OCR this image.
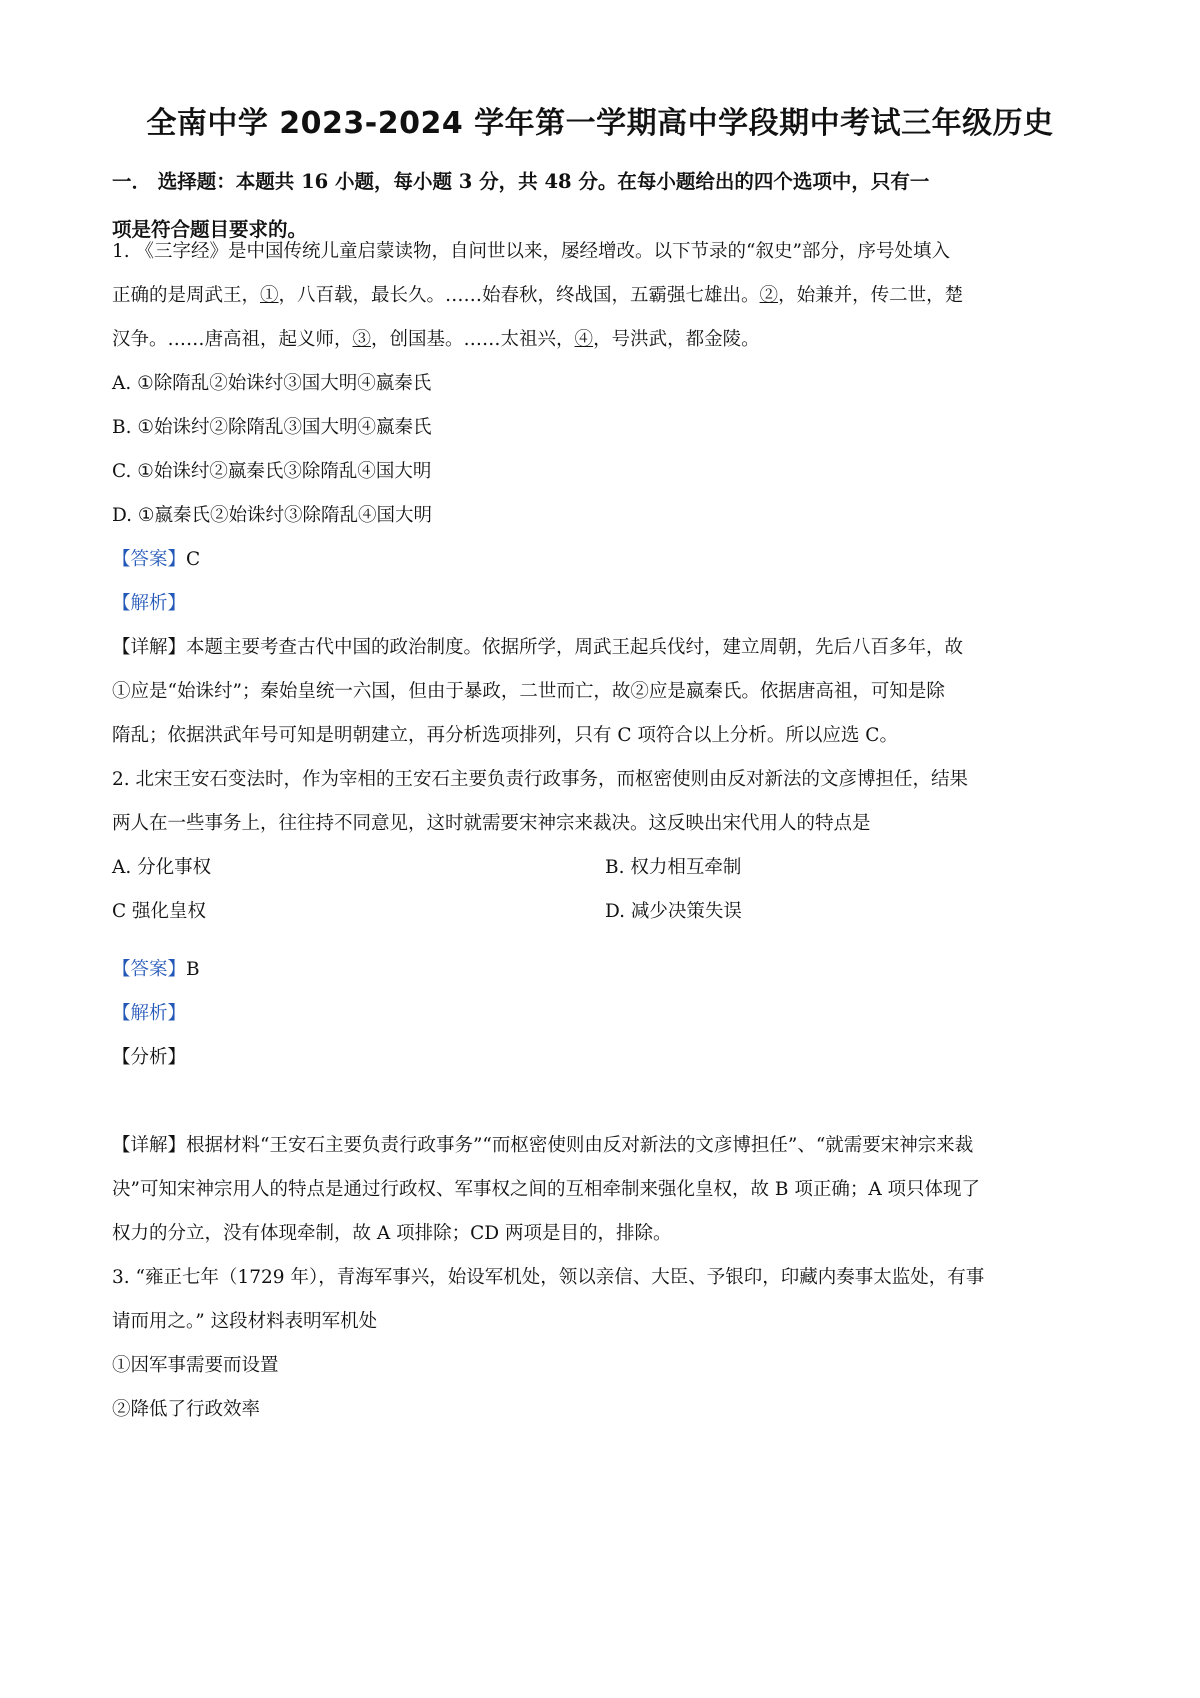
全南中学 2023-2024 学年第一学期高中学段期中考试三年级历史
一． 选择题：本题共 16 小题，每小题 3 分，共 48 分。在每小题给出的四个选项中，只有一
项是符合题目要求的。
1. 《三字经》是中国传统儿童启蒙读物，自问世以来，屡经增改。以下节录的“叙史”部分，序号处填入
正确的是周武王，①，八百载，最长久。……始春秋，终战国，五霸强七雄出。②，始兼并，传二世，楚
汉争。……唐高祖，起义师，③，创国基。……太祖兴，④，号洪武，都金陵。
A. ①除隋乱②始诛纣③国大明④嬴秦氏
B. ①始诛纣②除隋乱③国大明④嬴秦氏
C. ①始诛纣②嬴秦氏③除隋乱④国大明
D. ①嬴秦氏②始诛纣③除隋乱④国大明
【答案】C
【解析】
【详解】本题主要考查古代中国的政治制度。依据所学，周武王起兵伐纣，建立周朝，先后八百多年，故
①应是“始诛纣”；秦始皇统一六国，但由于暴政，二世而亡，故②应是嬴秦氏。依据唐高祖，可知是除
隋乱；依据洪武年号可知是明朝建立，再分析选项排列，只有 C 项符合以上分析。所以应选 C。
2. 北宋王安石变法时，作为宰相的王安石主要负责行政事务，而枢密使则由反对新法的文彦博担任，结果
两人在一些事务上，往往持不同意见，这时就需要宋神宗来裁决。这反映出宋代用人的特点是
A. 分化事权	B. 权力相互牵制
C 强化皇权	D. 减少决策失误
【答案】B
【解析】
【分析】
【详解】根据材料“王安石主要负责行政事务”“而枢密使则由反对新法的文彦博担任”、“就需要宋神宗来裁
决”可知宋神宗用人的特点是通过行政权、军事权之间的互相牵制来强化皇权，故 B 项正确；A 项只体现了
权力的分立，没有体现牵制，故 A 项排除；CD 两项是目的，排除。
3. “雍正七年（1729 年），青海军事兴，始设军机处，领以亲信、大臣、予银印，印藏内奏事太监处，有事
请而用之。” 这段材料表明军机处
①因军事需要而设置
②降低了行政效率
